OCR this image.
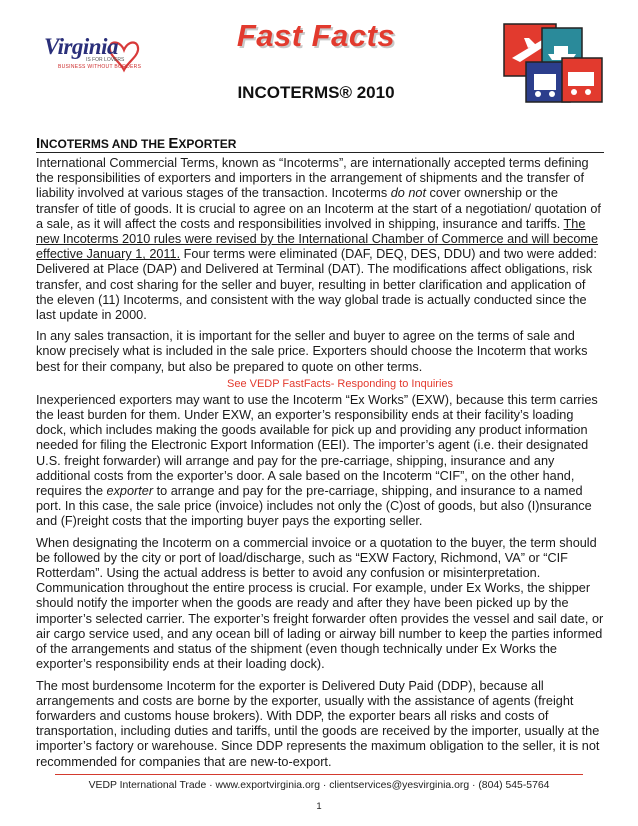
Virginia
IS FOR LOVERS
BUSINESS WITHOUT BORDERS
Fast Facts
INCOTERMS® 2010
INCOTERMS AND THE EXPORTER

International Commercial Terms, known as “Incoterms”, are internationally accepted terms defining the responsibilities of exporters and importers in the arrangement of shipments and the transfer of liability involved at various stages of the transaction. Incoterms do not cover ownership or the transfer of title of goods. It is crucial to agree on an Incoterm at the start of a negotiation/ quotation of a sale, as it will affect the costs and responsibilities involved in shipping, insurance and tariffs. The new Incoterms 2010 rules were revised by the International Chamber of Commerce and will become effective January 1, 2011. Four terms were eliminated (DAF, DEQ, DES, DDU) and two were added: Delivered at Place (DAP) and Delivered at Terminal (DAT). The modifications affect obligations, risk transfer, and cost sharing for the seller and buyer, resulting in better clarification and application of the eleven (11) Incoterms, and consistent with the way global trade is actually conducted since the last update in 2000.

In any sales transaction, it is important for the seller and buyer to agree on the terms of sale and know precisely what is included in the sale price. Exporters should choose the Incoterm that works best for their company, but also be prepared to quote on other terms.

See VEDP FastFacts- Responding to Inquiries

Inexperienced exporters may want to use the Incoterm “Ex Works” (EXW), because this term carries the least burden for them. Under EXW, an exporter’s responsibility ends at their facility’s loading dock, which includes making the goods available for pick up and providing any product information needed for filing the Electronic Export Information (EEI). The importer’s agent (i.e. their designated U.S. freight forwarder) will arrange and pay for the pre-carriage, shipping, insurance and any additional costs from the exporter’s door. A sale based on the Incoterm “CIF”, on the other hand, requires the exporter to arrange and pay for the pre-carriage, shipping, and insurance to a named port. In this case, the sale price (invoice) includes not only the (C)ost of goods, but also (I)nsurance and (F)reight costs that the importing buyer pays the exporting seller.

When designating the Incoterm on a commercial invoice or a quotation to the buyer, the term should be followed by the city or port of load/discharge, such as “EXW Factory, Richmond, VA” or “CIF Rotterdam”. Using the actual address is better to avoid any confusion or misinterpretation. Communication throughout the entire process is crucial. For example, under Ex Works, the shipper should notify the importer when the goods are ready and after they have been picked up by the importer’s selected carrier. The exporter’s freight forwarder often provides the vessel and sail date, or air cargo service used, and any ocean bill of lading or airway bill number to keep the parties informed of the arrangements and status of the shipment (even though technically under Ex Works the exporter’s responsibility ends at their loading dock).

The most burdensome Incoterm for the exporter is Delivered Duty Paid (DDP), because all arrangements and costs are borne by the exporter, usually with the assistance of agents (freight forwarders and customs house brokers). With DDP, the exporter bears all risks and costs of transportation, including duties and tariffs, until the goods are received by the importer, usually at the importer’s factory or warehouse. Since DDP represents the maximum obligation to the seller, it is not recommended for companies that are new-to-export.

VEDP International Trade · www.exportvirginia.org · clientservices@yesvirginia.org · (804) 545-5764
1
